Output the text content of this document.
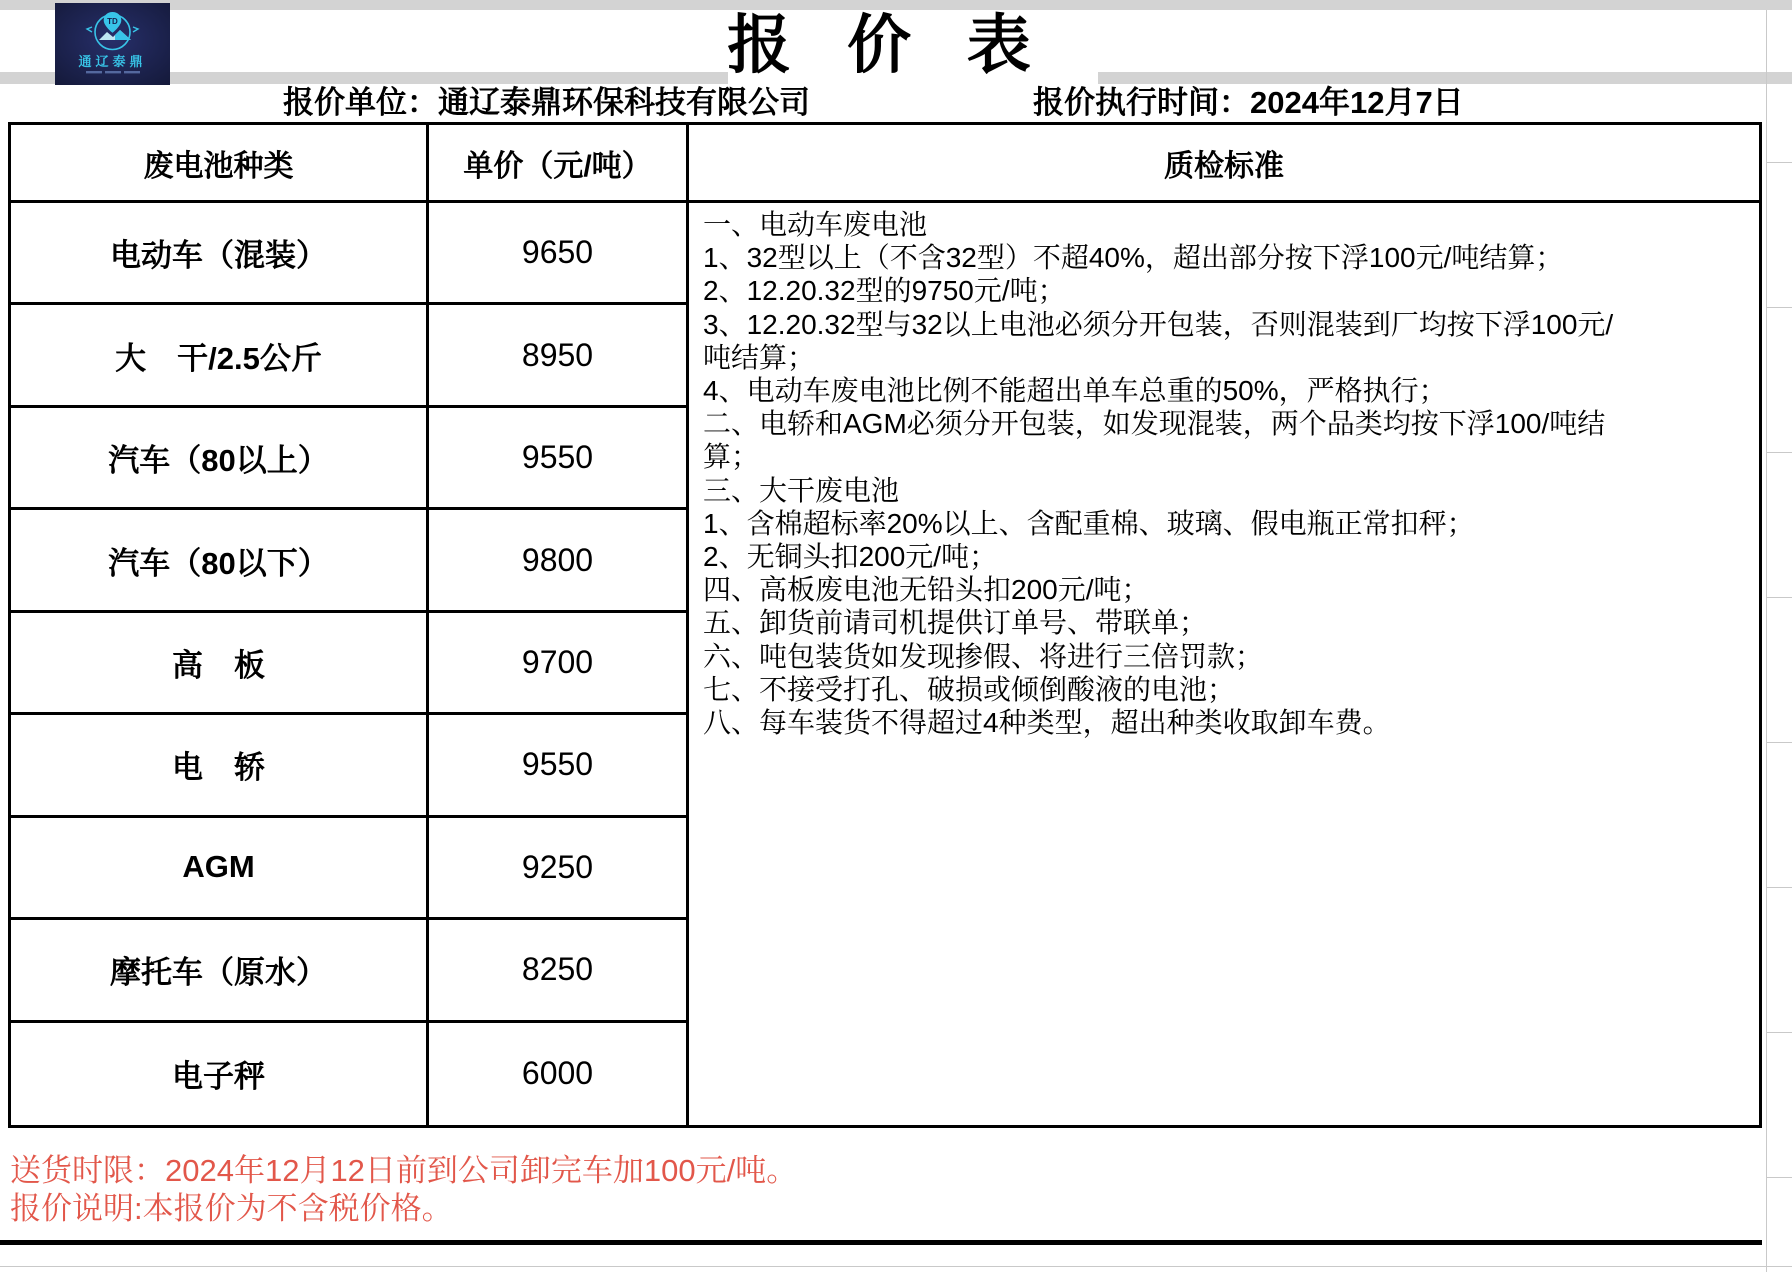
TD
通辽泰鼎	报 价 表
报价单位：通辽泰鼎环保科技有限公司	报价执行时间：2024年12月7日
废电池种类	单价（元/吨）	质检标准
电动车（混装）	9650
大　干/2.5公斤	8950
汽车（80以上）	9550
汽车（80以下）	9800
高　板	9700
电　轿	9550
AGM	9250
摩托车（原水）	8250
电子秤	6000
一、电动车废电池
1、32型以上（不含32型）不超40%，超出部分按下浮100元/吨结算；
2、12.20.32型的9750元/吨；
3、12.20.32型与32以上电池必须分开包装，否则混装到厂均按下浮100元/
吨结算；
4、电动车废电池比例不能超出单车总重的50%，严格执行；
二、电轿和AGM必须分开包装，如发现混装，两个品类均按下浮100/吨结
算；
三、大干废电池
1、含棉超标率20%以上、含配重棉、玻璃、假电瓶正常扣秤；
2、无铜头扣200元/吨；
四、高板废电池无铅头扣200元/吨；
五、卸货前请司机提供订单号、带联单；
六、吨包装货如发现掺假、将进行三倍罚款；
七、不接受打孔、破损或倾倒酸液的电池；
八、每车装货不得超过4种类型，超出种类收取卸车费。
送货时限：2024年12月12日前到公司卸完车加100元/吨。
报价说明:本报价为不含税价格。
